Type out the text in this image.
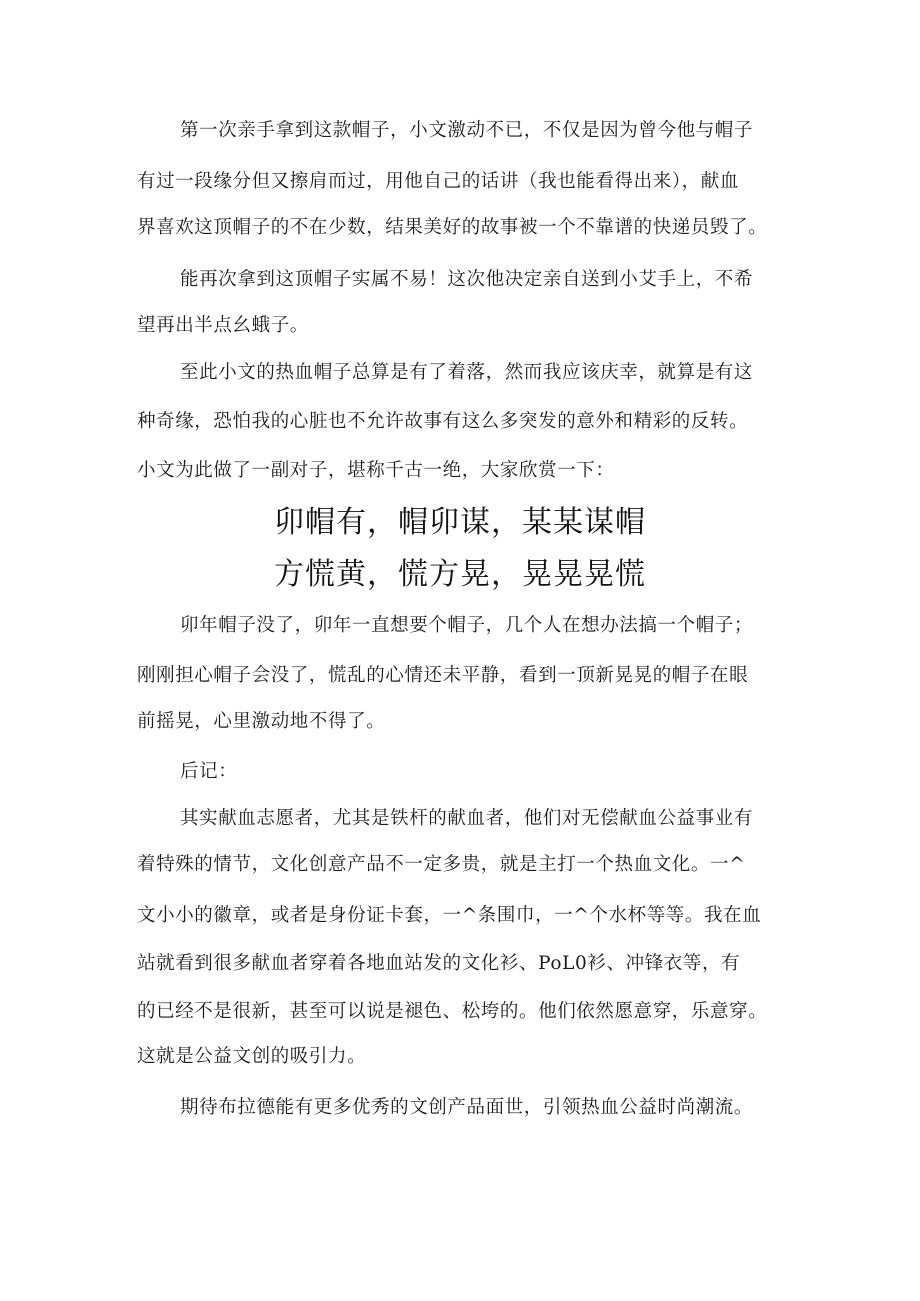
第一次亲手拿到这款帽子，小文激动不已，不仅是因为曾今他与帽子
有过一段缘分但又擦肩而过，用他自己的话讲（我也能看得出来），献血
界喜欢这顶帽子的不在少数，结果美好的故事被一个不靠谱的快递员毁了。
能再次拿到这顶帽子实属不易！这次他决定亲自送到小艾手上，不希
望再出半点幺蛾子。
至此小文的热血帽子总算是有了着落，然而我应该庆幸，就算是有这
种奇缘，恐怕我的心脏也不允许故事有这么多突发的意外和精彩的反转。
小文为此做了一副对子，堪称千古一绝，大家欣赏一下：
卯帽有，帽卯谋，某某谋帽
方慌黄，慌方晃，晃晃晃慌
卯年帽子没了，卯年一直想要个帽子，几个人在想办法搞一个帽子；
刚刚担心帽子会没了，慌乱的心情还未平静，看到一顶新晃晃的帽子在眼
前摇晃，心里激动地不得了。
后记：
其实献血志愿者，尤其是铁杆的献血者，他们对无偿献血公益事业有
着特殊的情节，文化创意产品不一定多贵，就是主打一个热血文化。一^
文小小的徽章，或者是身份证卡套，一^条围巾，一^个水杯等等。我在血
站就看到很多献血者穿着各地血站发的文化衫、PoL0衫、冲锋衣等，有
的已经不是很新，甚至可以说是褪色、松垮的。他们依然愿意穿，乐意穿。
这就是公益文创的吸引力。
期待布拉德能有更多优秀的文创产品面世，引领热血公益时尚潮流。
